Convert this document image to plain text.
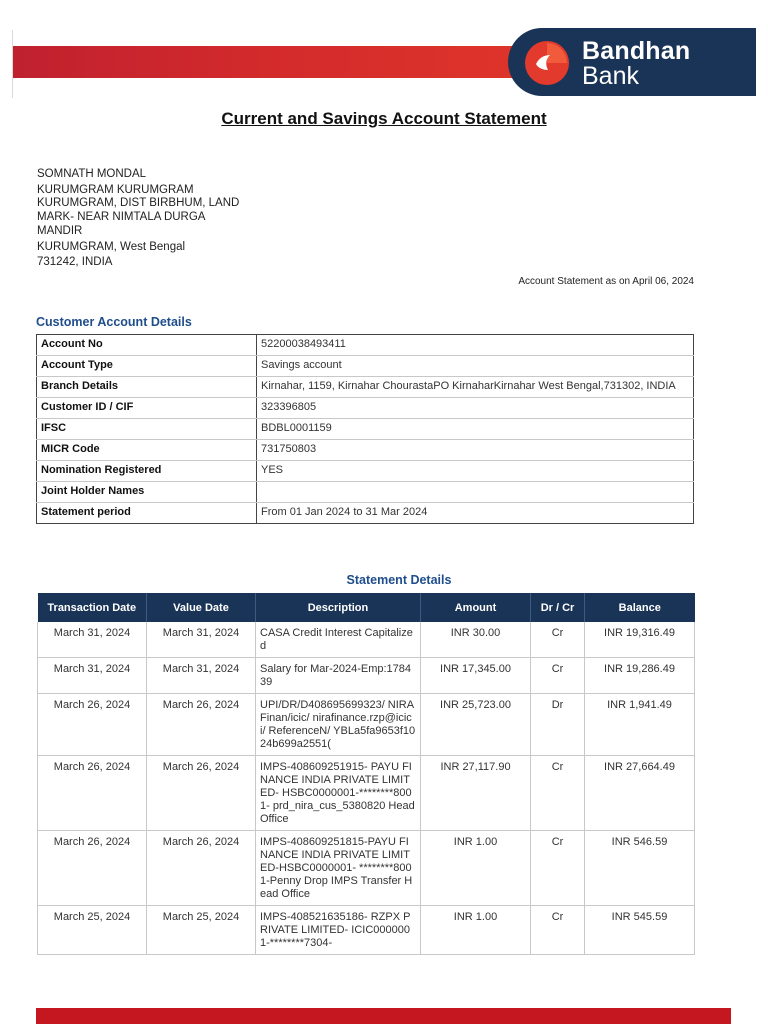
Bandhan
Bank
Current and Savings Account Statement
SOMNATH MONDAL
KURUMGRAM KURUMGRAM
KURUMGRAM, DIST BIRBHUM, LAND
MARK- NEAR NIMTALA DURGA
MANDIR
KURUMGRAM, West Bengal
731242, INDIA
Account Statement as on April 06, 2024
Customer Account Details
Account No	52200038493411
Account Type	Savings account
Branch Details	Kirnahar, 1159, Kirnahar ChourastaPO KirnaharKirnahar West Bengal,731302, INDIA
Customer ID / CIF	323396805
IFSC	BDBL0001159
MICR Code	731750803
Nomination Registered	YES
Joint Holder Names	
Statement period	From 01 Jan 2024 to 31 Mar 2024
Statement Details
Transaction Date	Value Date	Description	Amount	Dr / Cr	Balance
March 31, 2024	March 31, 2024	CASA Credit Interest Capitalized	INR 30.00	Cr	INR 19,316.49
March 31, 2024	March 31, 2024	Salary for Mar-2024-Emp:178439	INR 17,345.00	Cr	INR 19,286.49
March 26, 2024	March 26, 2024	UPI/DR/D408695699323/ NIRA Finan/icic/ nirafinance.rzp@icici/ ReferenceN/ YBLa5fa9653f1024b699a2551(	INR 25,723.00	Dr	INR 1,941.49
March 26, 2024	March 26, 2024	IMPS-408609251915- PAYU FINANCE INDIA PRIVATE LIMITED- HSBC0000001-********8001- prd_nira_cus_5380820 Head Office	INR 27,117.90	Cr	INR 27,664.49
March 26, 2024	March 26, 2024	IMPS-408609251815-PAYU FINANCE INDIA PRIVATE LIMITED-HSBC0000001- ********8001-Penny Drop IMPS Transfer Head Office	INR 1.00	Cr	INR 546.59
March 25, 2024	March 25, 2024	IMPS-408521635186- RZPX PRIVATE LIMITED- ICIC0000001-********7304-	INR 1.00	Cr	INR 545.59
